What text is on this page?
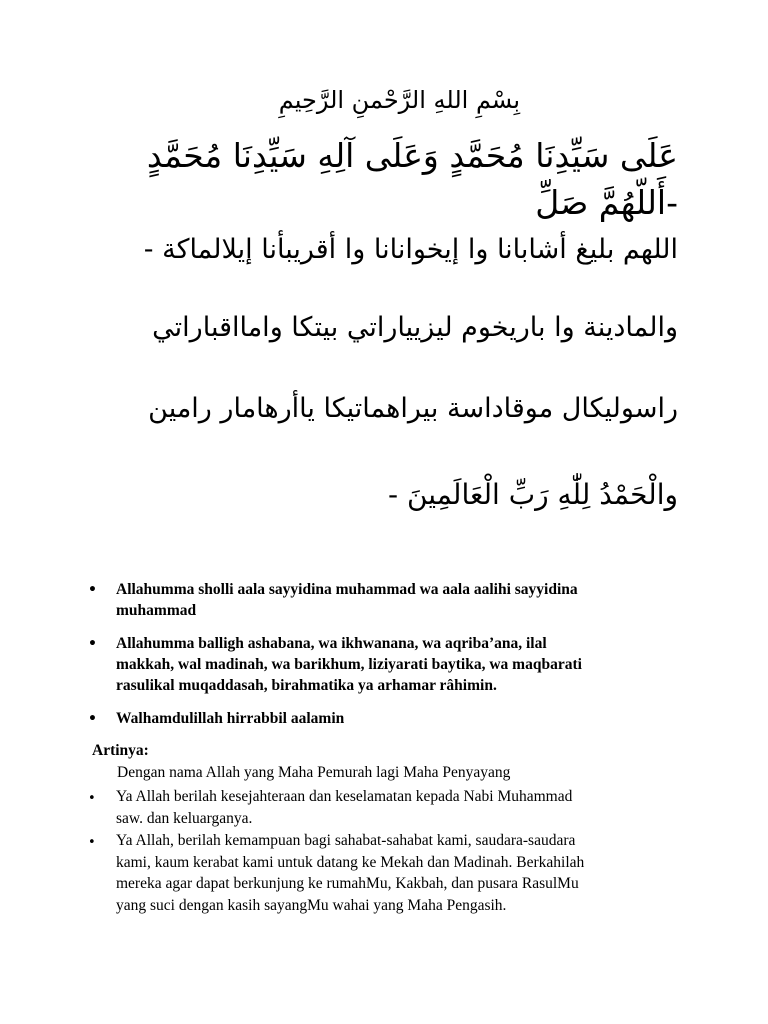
بِسْمِ اللهِ الرَّحْمنِ الرَّحِيمِ
عَلَى سَيِّدِنَا مُحَمَّدٍ وَعَلَى آلِهِ سَيِّدِنَا مُحَمَّدٍ
-أَللّهُمَّ صَلِّ
اللهم بليغ أشابانا وا إيخوانانا وا أقريبأنا إيلالماكة -
والمادينة وا باريخوم ليزيياراتي بيتكا وامااقباراتي
راسوليكال موقاداسة بيراهماتيكا ياأرهامار رامين
والْحَمْدُ لِلّٰهِ رَبِّ الْعَالَمِينَ -
• Allahumma sholli aala sayyidina muhammad wa aala aalihi sayyidina
muhammad
• Allahumma balligh ashabana, wa ikhwanana, wa aqriba’ana, ilal
makkah, wal madinah, wa barikhum, liziyarati baytika, wa maqbarati
rasulikal muqaddasah, birahmatika ya arhamar râhimin.
• Walhamdulillah hirrabbil aalamin
Artinya:
Dengan nama Allah yang Maha Pemurah lagi Maha Penyayang
• Ya Allah berilah kesejahteraan dan keselamatan kepada Nabi Muhammad
saw. dan keluarganya.
• Ya Allah, berilah kemampuan bagi sahabat-sahabat kami, saudara-saudara
kami, kaum kerabat kami untuk datang ke Mekah dan Madinah. Berkahilah
mereka agar dapat berkunjung ke rumahMu, Kakbah, dan pusara RasulMu
yang suci dengan kasih sayangMu wahai yang Maha Pengasih.
